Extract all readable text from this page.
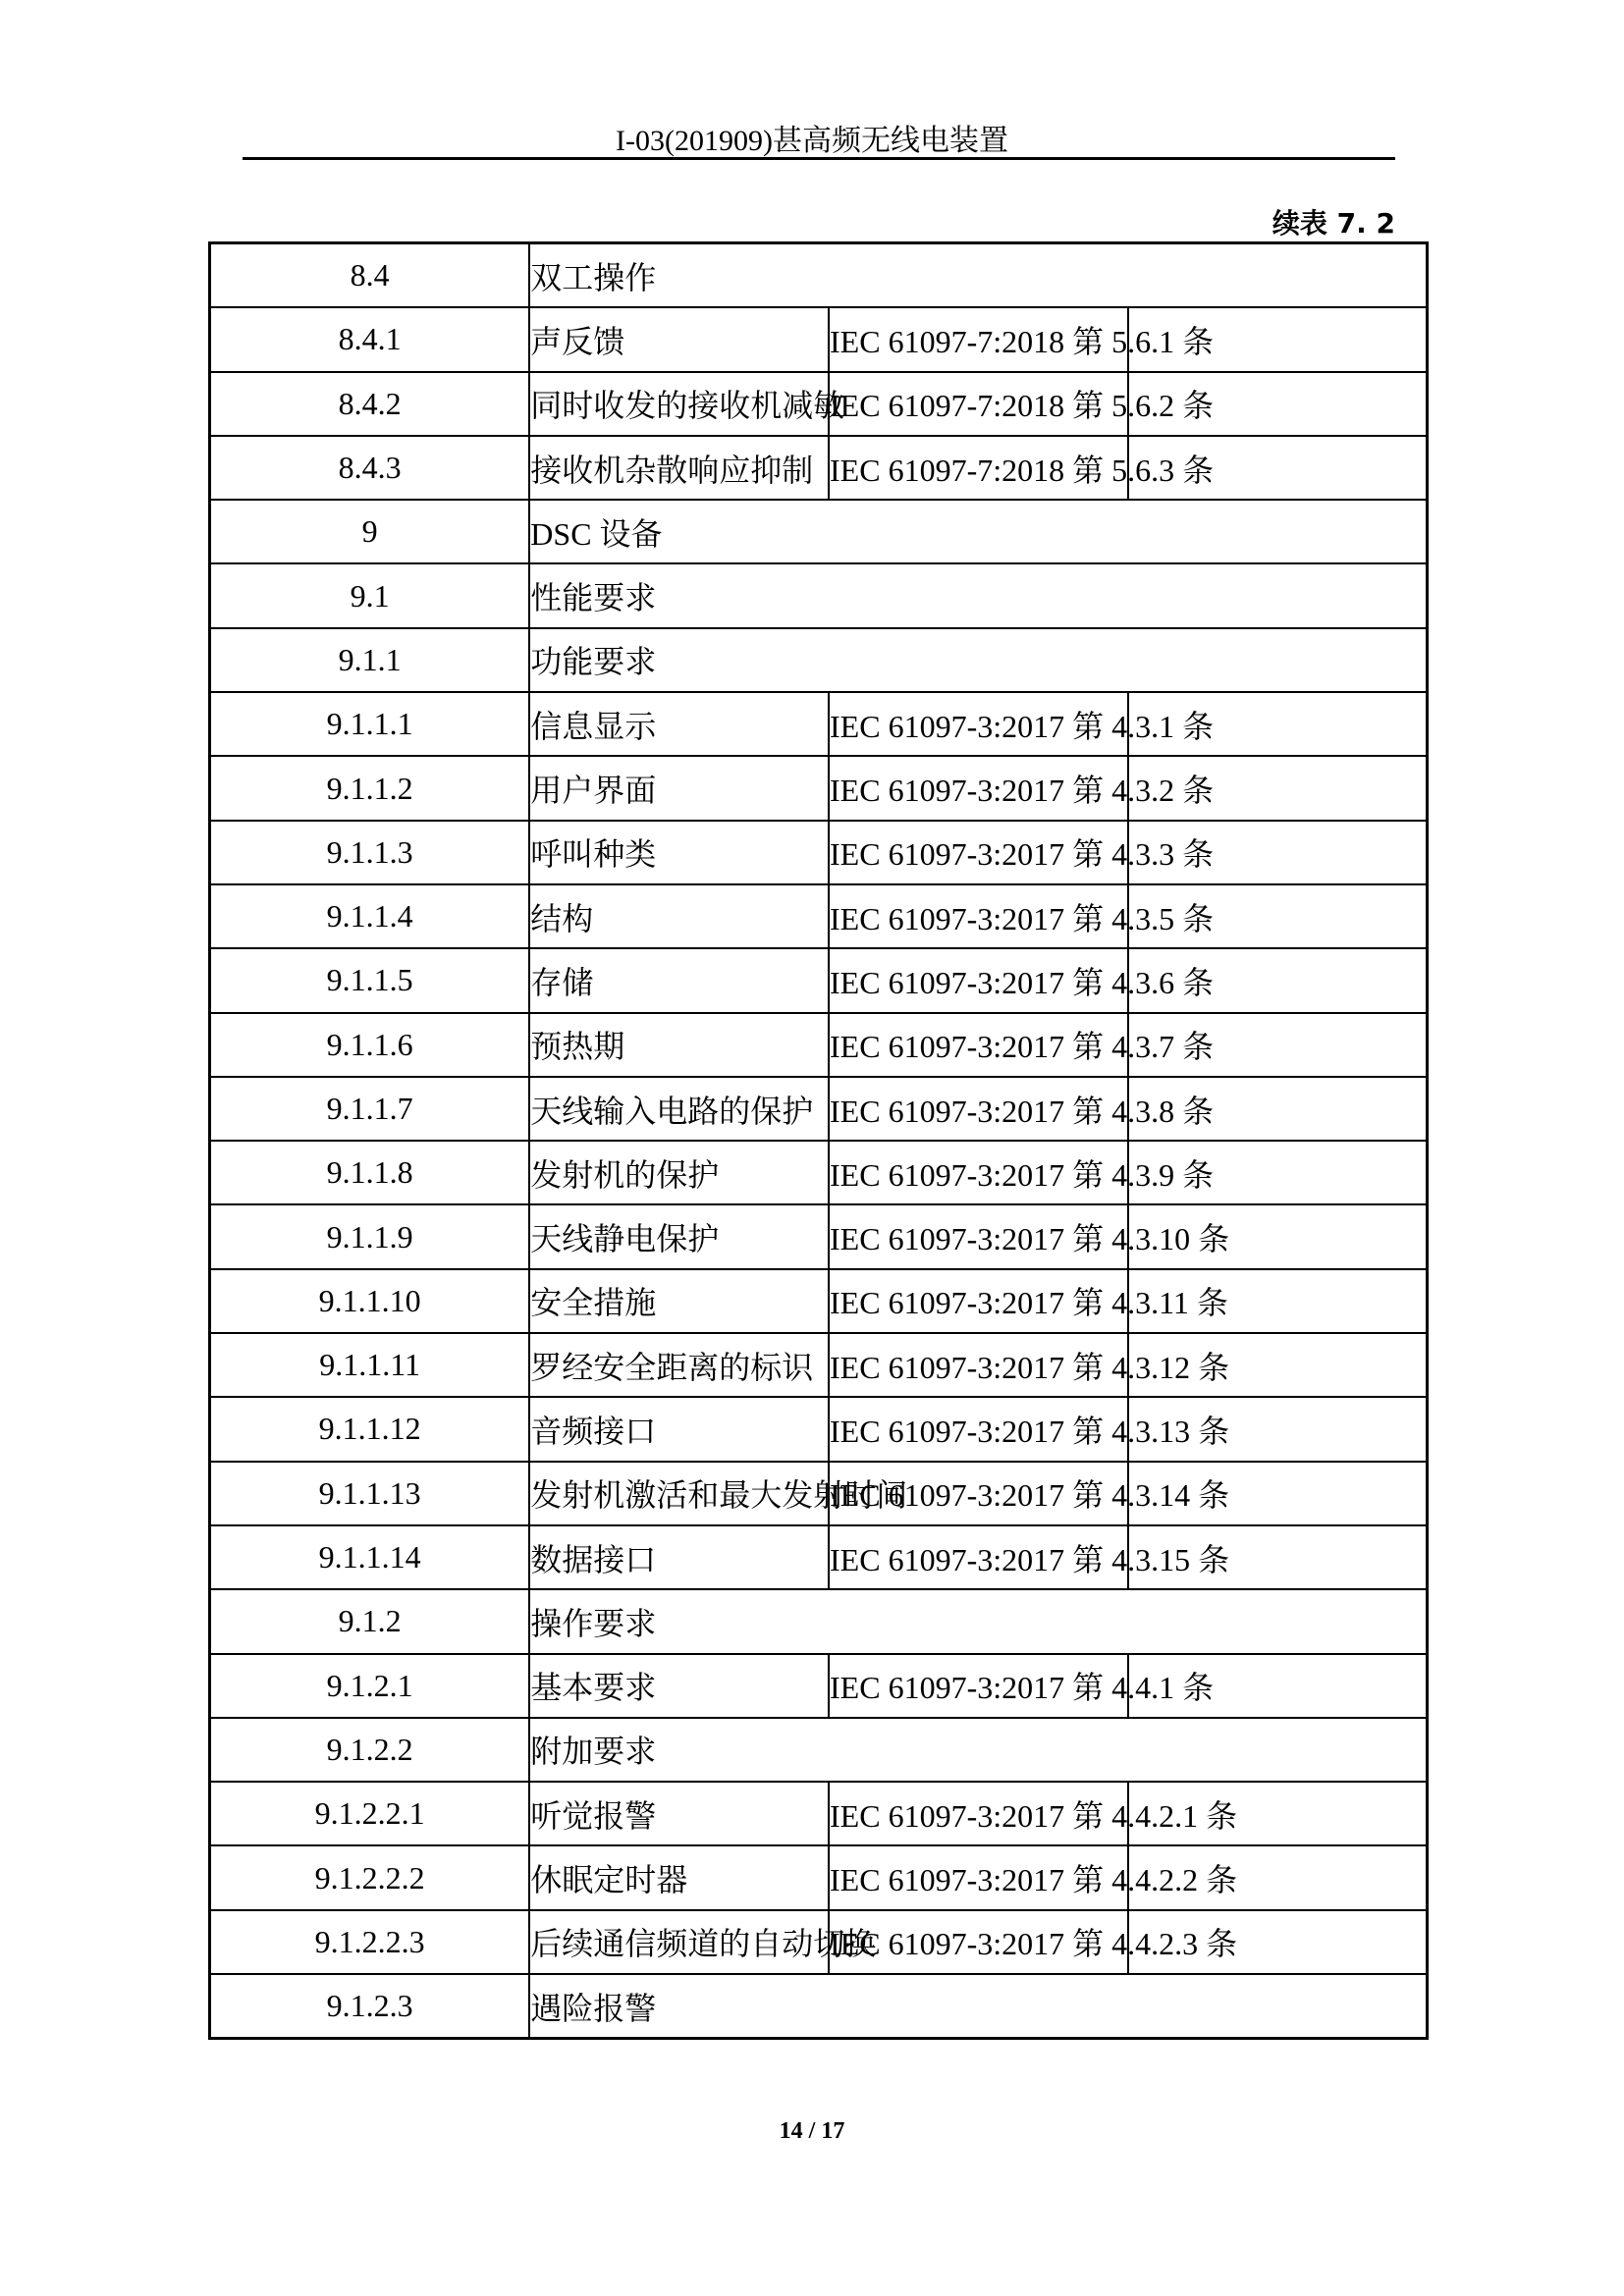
I-03(201909)甚高频无线电装置
续表 7. 2
8.4	双工操作		
8.4.1	声反馈	IEC 61097-7:2018 第 5.6.1 条	
8.4.2	同时收发的接收机减敏	IEC 61097-7:2018 第 5.6.2 条	
8.4.3	接收机杂散响应抑制	IEC 61097-7:2018 第 5.6.3 条	
9	DSC 设备		
9.1	性能要求		
9.1.1	功能要求		
9.1.1.1	信息显示	IEC 61097-3:2017 第 4.3.1 条	
9.1.1.2	用户界面	IEC 61097-3:2017 第 4.3.2 条	
9.1.1.3	呼叫种类	IEC 61097-3:2017 第 4.3.3 条	
9.1.1.4	结构	IEC 61097-3:2017 第 4.3.5 条	
9.1.1.5	存储	IEC 61097-3:2017 第 4.3.6 条	
9.1.1.6	预热期	IEC 61097-3:2017 第 4.3.7 条	
9.1.1.7	天线输入电路的保护	IEC 61097-3:2017 第 4.3.8 条	
9.1.1.8	发射机的保护	IEC 61097-3:2017 第 4.3.9 条	
9.1.1.9	天线静电保护	IEC 61097-3:2017 第 4.3.10 条	
9.1.1.10	安全措施	IEC 61097-3:2017 第 4.3.11 条	
9.1.1.11	罗经安全距离的标识	IEC 61097-3:2017 第 4.3.12 条	
9.1.1.12	音频接口	IEC 61097-3:2017 第 4.3.13 条	
9.1.1.13	发射机激活和最大发射时间	IEC 61097-3:2017 第 4.3.14 条	
9.1.1.14	数据接口	IEC 61097-3:2017 第 4.3.15 条	
9.1.2	操作要求		
9.1.2.1	基本要求	IEC 61097-3:2017 第 4.4.1 条	
9.1.2.2	附加要求		
9.1.2.2.1	听觉报警	IEC 61097-3:2017 第 4.4.2.1 条	
9.1.2.2.2	休眠定时器	IEC 61097-3:2017 第 4.4.2.2 条	
9.1.2.2.3	后续通信频道的自动切换	IEC 61097-3:2017 第 4.4.2.3 条	
9.1.2.3	遇险报警		
14 / 17
